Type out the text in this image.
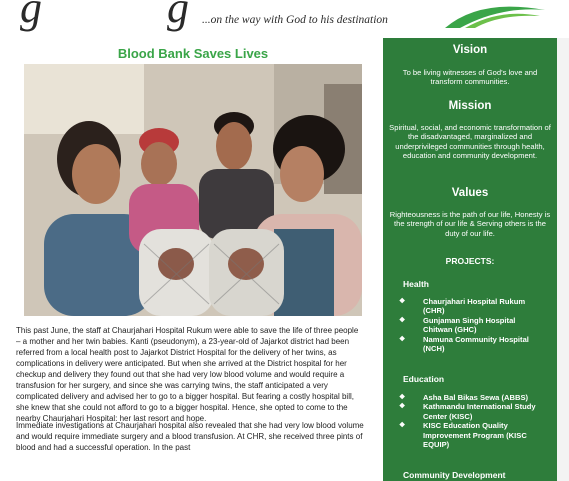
g       g ...on the way with God to his destination
Blood Bank Saves Lives
This past June, the staff at Chaurjahari Hospital Rukum were able to save the life of three people – a mother and her twin babies. Kanti (pseudonym), a 23-year-old of Jajarkot district had been referred from a local health post to Jajarkot District Hospital for the delivery of her twins, as complications in delivery were anticipated. But when she arrived at the District hospital for her checkup and delivery they found out that she had very low blood volume and would require a transfusion for her surgery, and since she was carrying twins, the staff anticipated a very complicated delivery and advised her to go to a bigger hospital. But fearing a costly hospital bill, she knew that she could not afford to go to a bigger hospital. Hence, she opted to come to the nearby Chaurjahari Hospital: her last resort and hope.
Immediate investigations at Chaurjahari hospital also revealed that she had very low blood volume and would require immediate surgery and a blood transfusion. At CHR, she received three pints of blood and had a successful operation. In the past
Vision
To be living witnesses of God's love and transform communities.
Mission
Spiritual, social, and economic transformation of the disadvantaged, marginalized and underprivileged communities through health, education and community development.
Values
Righteousness is the path of our life, Honesty is the strength of our life & Serving others is the duty of our life.
PROJECTS:
Health
❖ Chaurjahari Hospital Rukum (CHR)
❖ Gunjaman Singh Hospital Chitwan (GHC)
❖ Namuna Community Hospital (NCH)
Education
❖ Asha Bal Bikas Sewa (ABBS)
❖ Kathmandu International Study Center (KISC)
❖ KISC Education Quality Improvement Program (KISC EQUIP)
Community Development
